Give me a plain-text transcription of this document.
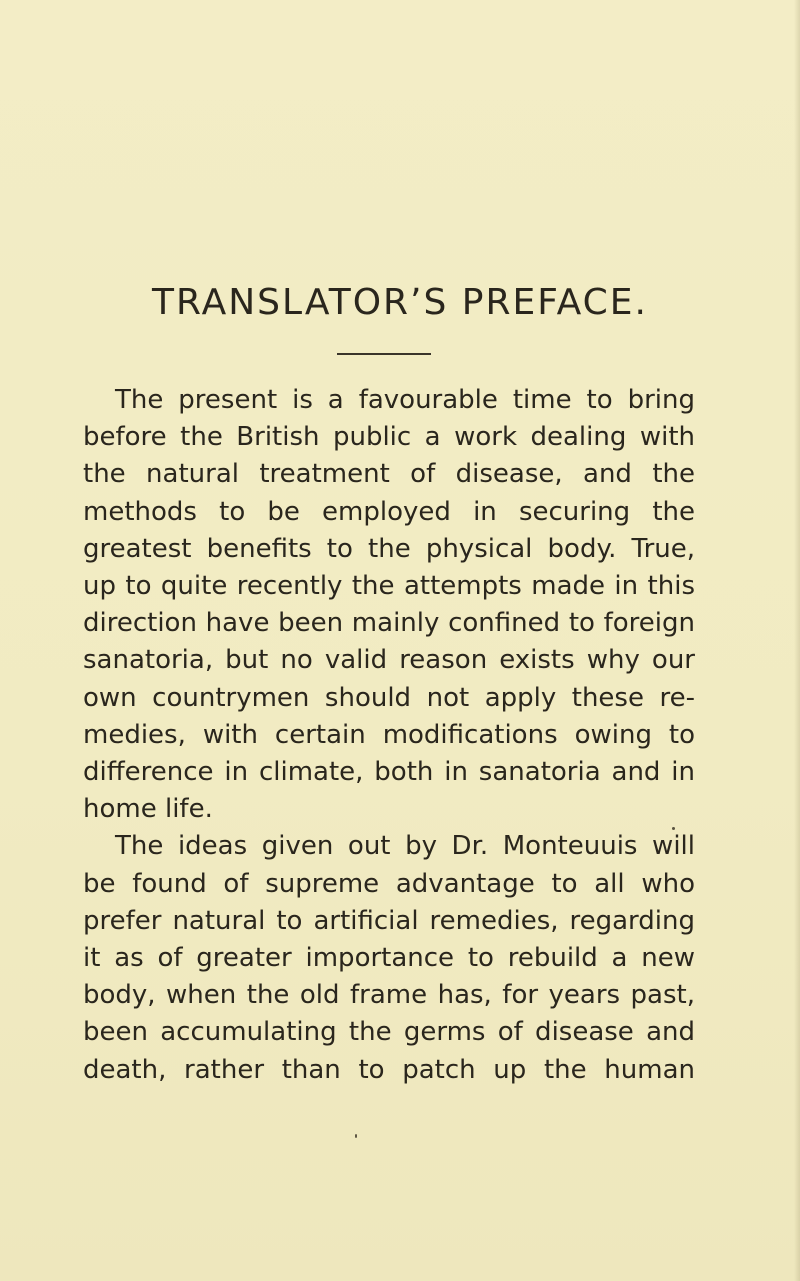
TRANSLATOR’S PREFACE.
The present is a favourable time to bring
before the British public a work dealing with
the natural treatment of disease, and the
methods to be employed in securing the
greatest benefits to the physical body. True,
up to quite recently the attempts made in this
direction have been mainly confined to foreign
sanatoria, but no valid reason exists why our
own countrymen should not apply these re-
medies, with certain modifications owing to
difference in climate, both in sanatoria and in
home life.
The ideas given out by Dr. Monteuuis will
be found of supreme advantage to all who
prefer natural to artificial remedies, regarding
it as of greater importance to rebuild a new
body, when the old frame has, for years past,
been accumulating the germs of disease and
death, rather than to patch up the human
